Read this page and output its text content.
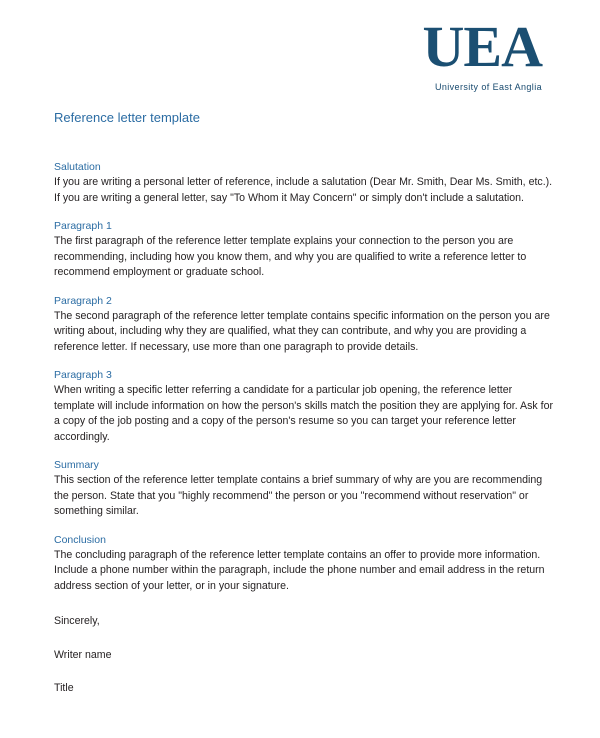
UEA
University of East Anglia
Reference letter template
Salutation

If you are writing a personal letter of reference, include a salutation (Dear Mr. Smith, Dear Ms. Smith, etc.). If you are writing a general letter, say "To Whom it May Concern" or simply don't include a salutation.

Paragraph 1

The first paragraph of the reference letter template explains your connection to the person you are recommending, including how you know them, and why you are qualified to write a reference letter to recommend employment or graduate school.

Paragraph 2

The second paragraph of the reference letter template contains specific information on the person you are writing about, including why they are qualified, what they can contribute, and why you are providing a reference letter. If necessary, use more than one paragraph to provide details.

Paragraph 3

When writing a specific letter referring a candidate for a particular job opening, the reference letter template will include information on how the person's skills match the position they are applying for. Ask for a copy of the job posting and a copy of the person's resume so you can target your reference letter accordingly.

Summary

This section of the reference letter template contains a brief summary of why are you are recommending the person. State that you "highly recommend" the person or you "recommend without reservation" or something similar.

Conclusion

The concluding paragraph of the reference letter template contains an offer to provide more information. Include a phone number within the paragraph, include the phone number and email address in the return address section of your letter, or in your signature.

Sincerely,

Writer name

Title
